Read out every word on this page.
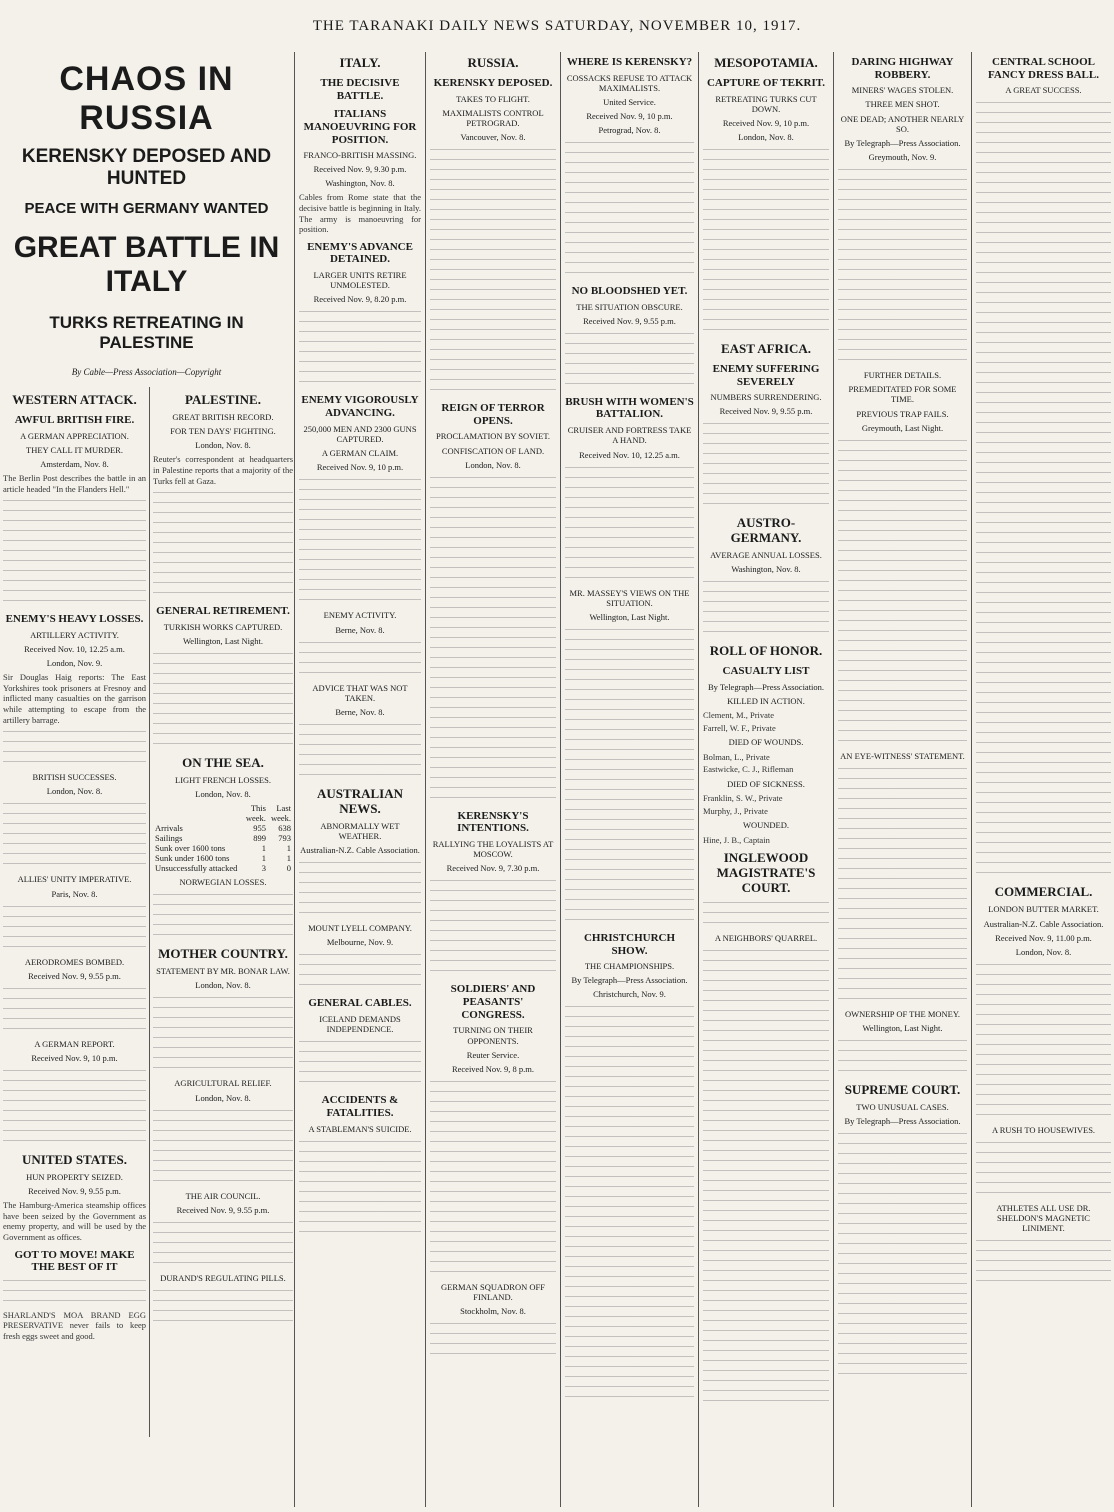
THE TARANAKI DAILY NEWS SATURDAY, NOVEMBER 10, 1917.
CHAOS IN RUSSIA
KERENSKY DEPOSED AND HUNTED
PEACE WITH GERMANY WANTED
GREAT BATTLE IN ITALY
TURKS RETREATING IN PALESTINE
By Cable—Press Association—Copyright
WESTERN ATTACK.
AWFUL BRITISH FIRE.
A GERMAN APPRECIATION.
THEY CALL IT MURDER.
Amsterdam, Nov. 8.
The Berlin Post describes the battle in an article headed "In the Flanders Hell."
ENEMY'S HEAVY LOSSES.
ARTILLERY ACTIVITY.
Received Nov. 10, 12.25 a.m.
London, Nov. 9.
Sir Douglas Haig reports: The East Yorkshires took prisoners at Fresnoy and inflicted many casualties on the garrison while attempting to escape from the artillery barrage.
BRITISH SUCCESSES.
London, Nov. 8.
ALLIES' UNITY IMPERATIVE.
Paris, Nov. 8.
AERODROMES BOMBED.
Received Nov. 9, 9.55 p.m.
A GERMAN REPORT.
Received Nov. 9, 10 p.m.
UNITED STATES.
HUN PROPERTY SEIZED.
Received Nov. 9, 9.55 p.m.
The Hamburg-America steamship offices have been seized by the Government as enemy property, and will be used by the Government as offices.
GOT TO MOVE! MAKE THE BEST OF IT
SHARLAND'S MOA BRAND EGG PRESERVATIVE never fails to keep fresh eggs sweet and good.
PALESTINE.
GREAT BRITISH RECORD.
FOR TEN DAYS' FIGHTING.
London, Nov. 8.
Reuter's correspondent at headquarters in Palestine reports that a majority of the Turks fell at Gaza.
GENERAL RETIREMENT.
TURKISH WORKS CAPTURED.
Wellington, Last Night.
ON THE SEA.
LIGHT FRENCH LOSSES.
London, Nov. 8.
	This	Last
	week.	week.
Arrivals	955	638
Sailings	899	793
Sunk over 1600 tons	1	1
Sunk under 1600 tons	1	1
Unsuccessfully attacked	3	0
NORWEGIAN LOSSES.
MOTHER COUNTRY.
STATEMENT BY MR. BONAR LAW.
London, Nov. 8.
AGRICULTURAL RELIEF.
London, Nov. 8.
THE AIR COUNCIL.
Received Nov. 9, 9.55 p.m.
DURAND'S REGULATING PILLS.
ITALY.
THE DECISIVE BATTLE.
ITALIANS MANOEUVRING FOR POSITION.
FRANCO-BRITISH MASSING.
Received Nov. 9, 9.30 p.m.
Washington, Nov. 8.
Cables from Rome state that the decisive battle is beginning in Italy. The army is manoeuvring for position.
ENEMY'S ADVANCE DETAINED.
LARGER UNITS RETIRE UNMOLESTED.
Received Nov. 9, 8.20 p.m.
ENEMY VIGOROUSLY ADVANCING.
250,000 MEN AND 2300 GUNS CAPTURED.
A GERMAN CLAIM.
Received Nov. 9, 10 p.m.
ENEMY ACTIVITY.
Berne, Nov. 8.
ADVICE THAT WAS NOT TAKEN.
Berne, Nov. 8.
AUSTRALIAN NEWS.
ABNORMALLY WET WEATHER.
Australian-N.Z. Cable Association.
MOUNT LYELL COMPANY.
Melbourne, Nov. 9.
GENERAL CABLES.
ICELAND DEMANDS INDEPENDENCE.
ACCIDENTS & FATALITIES.
A STABLEMAN'S SUICIDE.
RUSSIA.
KERENSKY DEPOSED.
TAKES TO FLIGHT.
MAXIMALISTS CONTROL PETROGRAD.
Vancouver, Nov. 8.
REIGN OF TERROR OPENS.
PROCLAMATION BY SOVIET.
CONFISCATION OF LAND.
London, Nov. 8.
KERENSKY'S INTENTIONS.
RALLYING THE LOYALISTS AT MOSCOW.
Received Nov. 9, 7.30 p.m.
SOLDIERS' AND PEASANTS' CONGRESS.
TURNING ON THEIR OPPONENTS.
Reuter Service.
Received Nov. 9, 8 p.m.
GERMAN SQUADRON OFF FINLAND.
Stockholm, Nov. 8.
WHERE IS KERENSKY?
COSSACKS REFUSE TO ATTACK MAXIMALISTS.
United Service.
Received Nov. 9, 10 p.m.
Petrograd, Nov. 8.
NO BLOODSHED YET.
THE SITUATION OBSCURE.
Received Nov. 9, 9.55 p.m.
BRUSH WITH WOMEN'S BATTALION.
CRUISER AND FORTRESS TAKE A HAND.
Received Nov. 10, 12.25 a.m.
MR. MASSEY'S VIEWS ON THE SITUATION.
Wellington, Last Night.
CHRISTCHURCH SHOW.
THE CHAMPIONSHIPS.
By Telegraph—Press Association.
Christchurch, Nov. 9.
MESOPOTAMIA.
CAPTURE OF TEKRIT.
RETREATING TURKS CUT DOWN.
Received Nov. 9, 10 p.m.
London, Nov. 8.
EAST AFRICA.
ENEMY SUFFERING SEVERELY
NUMBERS SURRENDERING.
Received Nov. 9, 9.55 p.m.
AUSTRO-GERMANY.
AVERAGE ANNUAL LOSSES.
Washington, Nov. 8.
ROLL OF HONOR.
CASUALTY LIST
By Telegraph—Press Association.
KILLED IN ACTION.
Clement, M., Private
Farrell, W. F., Private
DIED OF WOUNDS.
Bolman, L., Private
Eastwicke, C. J., Rifleman
DIED OF SICKNESS.
Franklin, S. W., Private
Murphy, J., Private
WOUNDED.
Hine, J. B., Captain
INGLEWOOD MAGISTRATE'S COURT.
A NEIGHBORS' QUARREL.
DARING HIGHWAY ROBBERY.
MINERS' WAGES STOLEN.
THREE MEN SHOT.
ONE DEAD; ANOTHER NEARLY SO.
By Telegraph—Press Association.
Greymouth, Nov. 9.
FURTHER DETAILS.
PREMEDITATED FOR SOME TIME.
PREVIOUS TRAP FAILS.
Greymouth, Last Night.
AN EYE-WITNESS' STATEMENT.
OWNERSHIP OF THE MONEY.
Wellington, Last Night.
SUPREME COURT.
TWO UNUSUAL CASES.
By Telegraph—Press Association.
CENTRAL SCHOOL FANCY DRESS BALL.
A GREAT SUCCESS.
COMMERCIAL.
LONDON BUTTER MARKET.
Australian-N.Z. Cable Association.
Received Nov. 9, 11.00 p.m.
London, Nov. 8.
A RUSH TO HOUSEWIVES.
ATHLETES ALL USE DR. SHELDON'S MAGNETIC LINIMENT.
